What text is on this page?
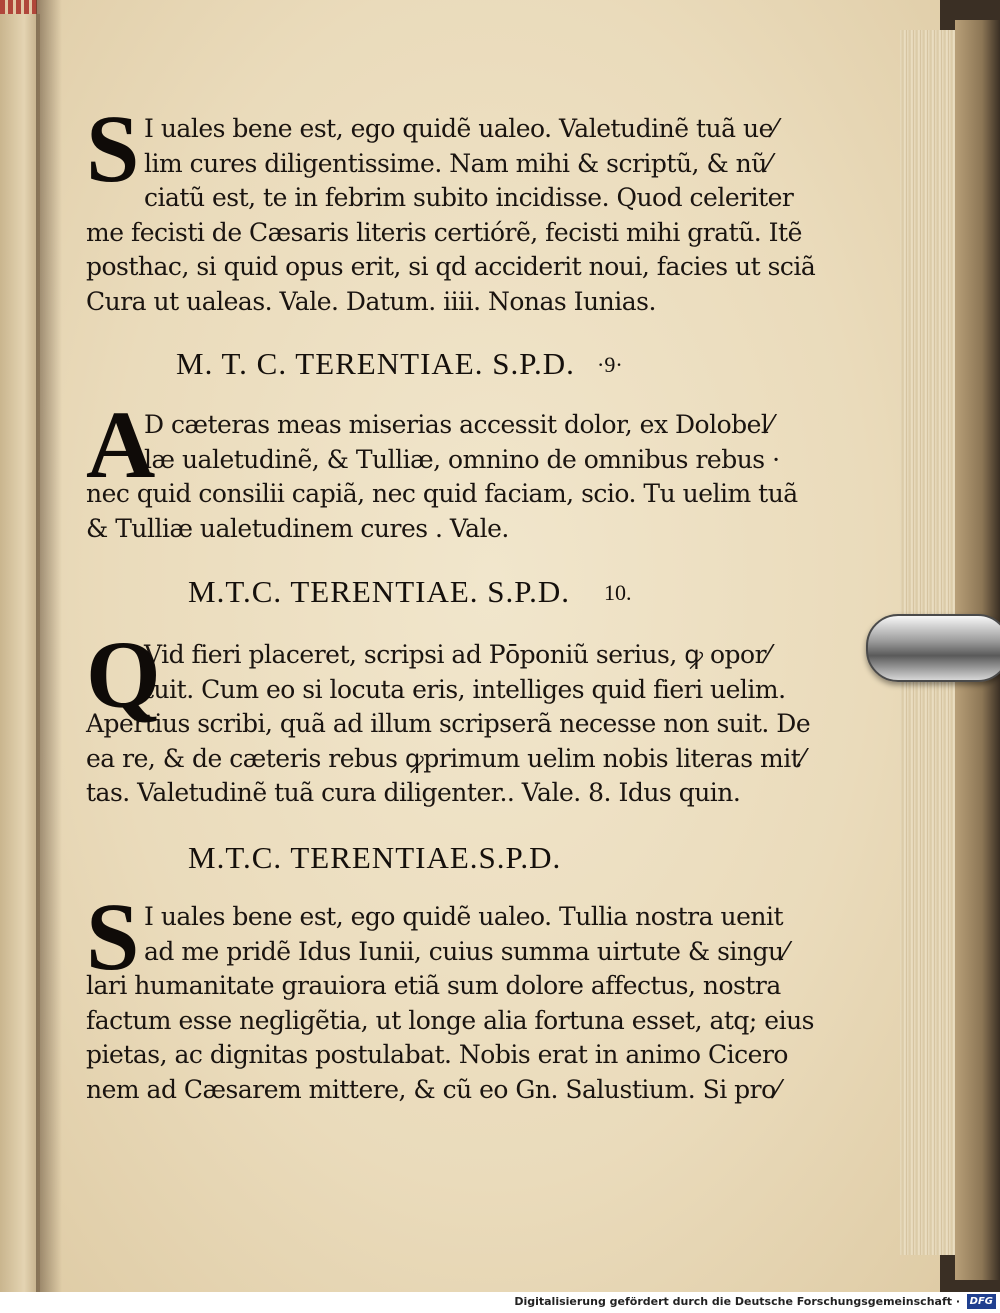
S I uales bene est, ego quidẽ ualeo. Valetudinẽ tuã ue⁄
lim cures diligentissime. Nam mihi & scriptũ, & nũ⁄
ciatũ est, te in febrim subito incidisse. Quod celeriter
me fecisti de Cæsaris literis certiórẽ, fecisti mihi gratũ. Itẽ
posthac, si quid opus erit, si qd acciderit noui, facies ut sciã
Cura ut ualeas. Vale. Datum. iiii. Nonas Iunias.
M. T. C. TERENTIAE. S.P.D. ·9·
A
D cæteras meas miserias accessit dolor, ex Dolobel⁄
læ ualetudinẽ, & Tulliæ, omnino de omnibus rebus ·
nec quid consilii capiã, nec quid faciam, scio. Tu uelim tuã
& Tulliæ ualetudinem cures . Vale.
M.T.C. TERENTIAE. S.P.D. 10.
Q
Vid fieri placeret, scripsi ad Pōponiũ serius, ꝙ opor⁄
tuit. Cum eo si locuta eris, intelliges quid fieri uelim.
Apertius scribi, quã ad illum scripserã necesse non suit. De
ea re, & de cæteris rebus ꝙprimum uelim nobis literas mit⁄
tas. Valetudinẽ tuã cura diligenter.. Vale. 8. Idus quin.
M.T.C. TERENTIAE.S.P.D.
S I uales bene est, ego quidẽ ualeo. Tullia nostra uenit
ad me pridẽ Idus Iunii, cuius summa uirtute & singu⁄
lari humanitate grauiora etiã sum dolore affectus, nostra
factum esse negligẽtia, ut longe alia fortuna esset, atq; eius
pietas, ac dignitas postulabat. Nobis erat in animo Cicero
nem ad Cæsarem mittere, & cũ eo Gn. Salustium. Si pro⁄
Digitalisierung gefördert durch die Deutsche Forschungsgemeinschaft · DFG
